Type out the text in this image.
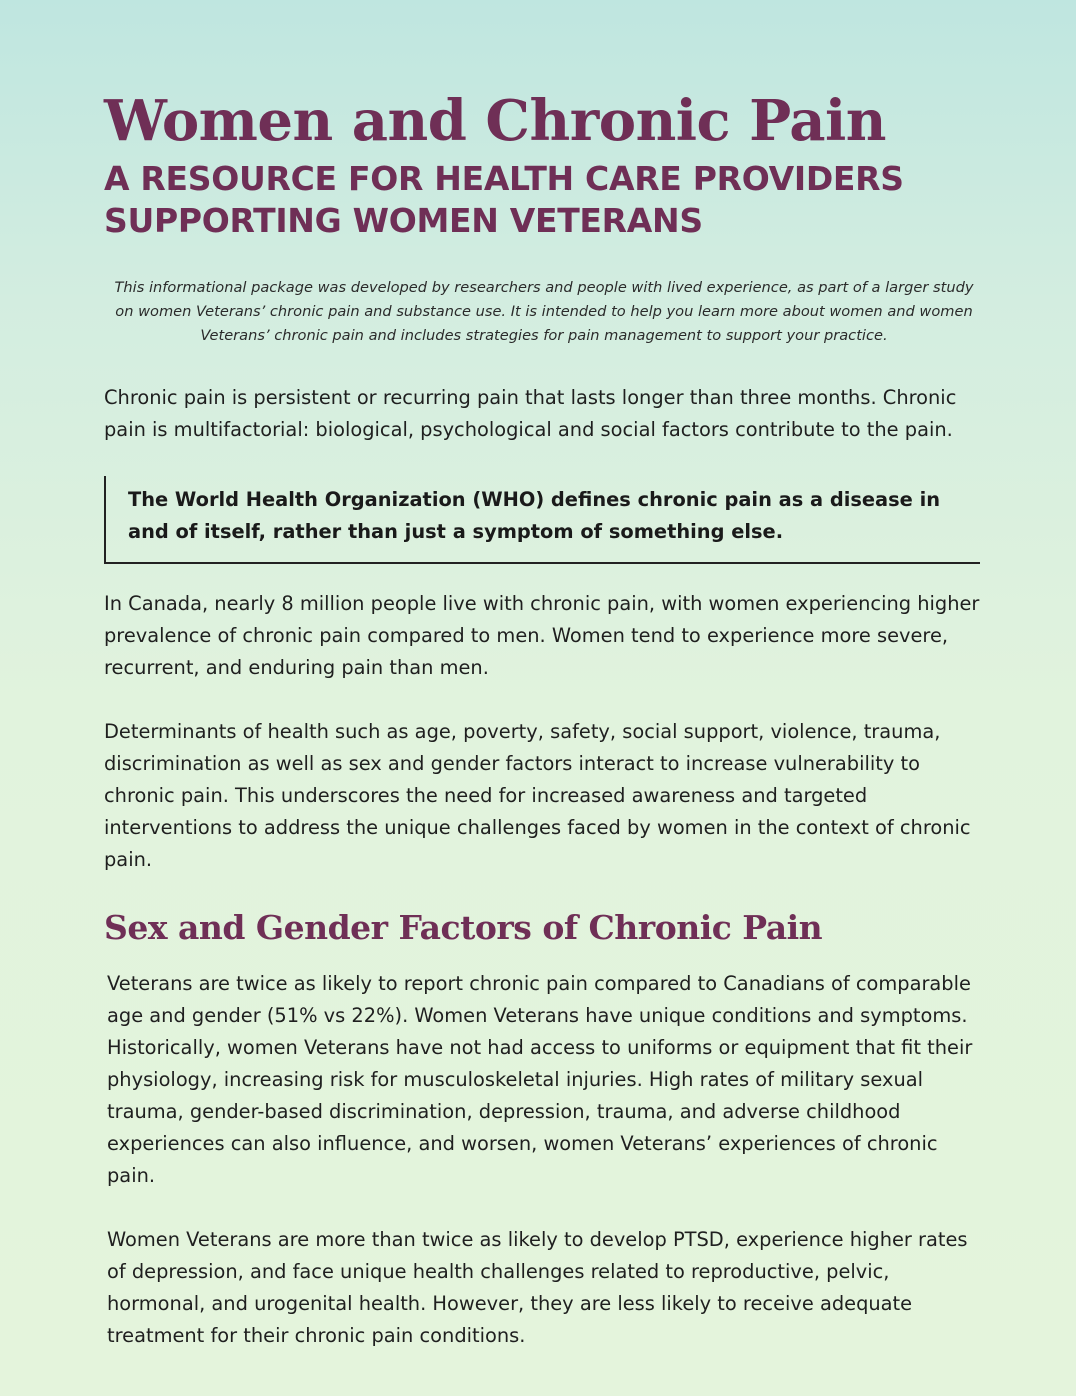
Women and Chronic Pain
A RESOURCE FOR HEALTH CARE PROVIDERS SUPPORTING WOMEN VETERANS

This informational package was developed by researchers and people with lived experience, as part of a larger study on women Veterans’ chronic pain and substance use. It is intended to help you learn more about women and women Veterans’ chronic pain and includes strategies for pain management to support your practice.

Chronic pain is persistent or recurring pain that lasts longer than three months. Chronic pain is multifactorial: biological, psychological and social factors contribute to the pain.

The World Health Organization (WHO) defines chronic pain as a disease in and of itself, rather than just a symptom of something else.

In Canada, nearly 8 million people live with chronic pain, with women experiencing higher prevalence of chronic pain compared to men. Women tend to experience more severe, recurrent, and enduring pain than men.

Determinants of health such as age, poverty, safety, social support, violence, trauma, discrimination as well as sex and gender factors interact to increase vulnerability to chronic pain. This underscores the need for increased awareness and targeted interventions to address the unique challenges faced by women in the context of chronic pain.

Sex and Gender Factors of Chronic Pain

Veterans are twice as likely to report chronic pain compared to Canadians of comparable age and gender (51% vs 22%). Women Veterans have unique conditions and symptoms. Historically, women Veterans have not had access to uniforms or equipment that fit their physiology, increasing risk for musculoskeletal injuries. High rates of military sexual trauma, gender-based discrimination, depression, trauma, and adverse childhood experiences can also influence, and worsen, women Veterans’ experiences of chronic pain.

Women Veterans are more than twice as likely to develop PTSD, experience higher rates of depression, and face unique health challenges related to reproductive, pelvic, hormonal, and urogenital health. However, they are less likely to receive adequate treatment for their chronic pain conditions.
